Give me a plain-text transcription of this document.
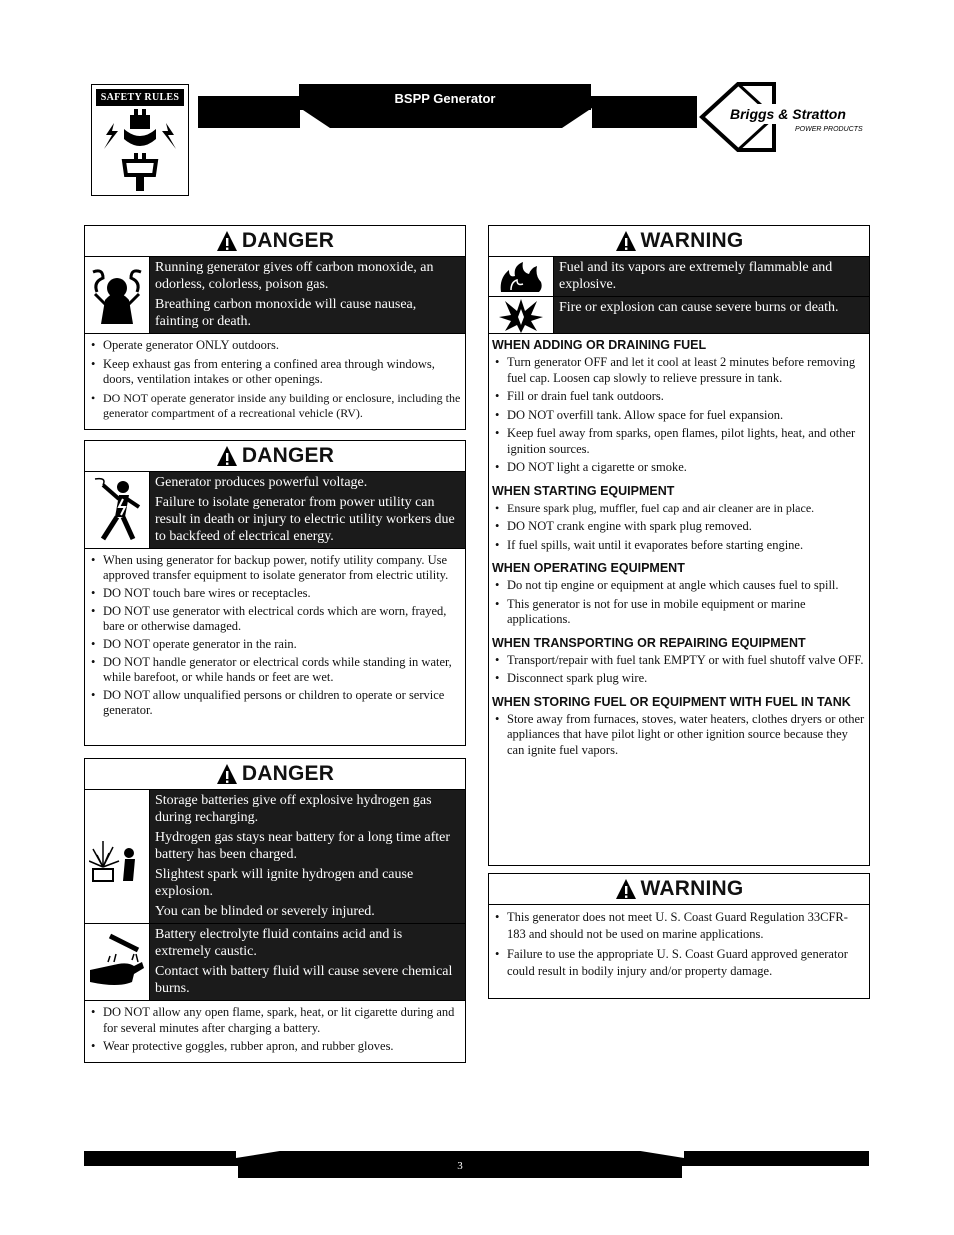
SAFETY RULES	BSPP Generator
Briggs & Stratton
POWER PRODUCTS
DANGER

Running generator gives off carbon monoxide, an odorless, colorless, poison gas.

Breathing carbon monoxide will cause nausea, fainting or death.

• Operate generator ONLY outdoors.
• Keep exhaust gas from entering a confined area through windows, doors, ventilation intakes or other openings.
• DO NOT operate generator inside any building or enclosure, including the generator compartment of a recreational vehicle (RV).
DANGER

Generator produces powerful voltage.

Failure to isolate generator from power utility can result in death or injury to electric utility workers due to backfeed of electrical energy.

• When using generator for backup power, notify utility company. Use approved transfer equipment to isolate generator from electric utility.
• DO NOT touch bare wires or receptacles.
• DO NOT use generator with electrical cords which are worn, frayed, bare or otherwise damaged.
• DO NOT operate generator in the rain.
• DO NOT handle generator or electrical cords while standing in water, while barefoot, or while hands or feet are wet.
• DO NOT allow unqualified persons or children to operate or service generator.
DANGER

Storage batteries give off explosive hydrogen gas during recharging.

Hydrogen gas stays near battery for a long time after battery has been charged.

Slightest spark will ignite hydrogen and cause explosion.

You can be blinded or severely injured.

Battery electrolyte fluid contains acid and is extremely caustic.

Contact with battery fluid will cause severe chemical burns.

• DO NOT allow any open flame, spark, heat, or lit cigarette during and for several minutes after charging a battery.
• Wear protective goggles, rubber apron, and rubber gloves.
WARNING
Fuel and its vapors are extremely flammable and explosive.
Fire or explosion can cause severe burns or death.
WHEN ADDING OR DRAINING FUEL
• Turn generator OFF and let it cool at least 2 minutes before removing fuel cap. Loosen cap slowly to relieve pressure in tank.
• Fill or drain fuel tank outdoors.
• DO NOT overfill tank. Allow space for fuel expansion.
• Keep fuel away from sparks, open flames, pilot lights, heat, and other ignition sources.
• DO NOT light a cigarette or smoke.
WHEN STARTING EQUIPMENT
• Ensure spark plug, muffler, fuel cap and air cleaner are in place.
• DO NOT crank engine with spark plug removed.
• If fuel spills, wait until it evaporates before starting engine.
WHEN OPERATING EQUIPMENT
• Do not tip engine or equipment at angle which causes fuel to spill.
• This generator is not for use in mobile equipment or marine applications.
WHEN TRANSPORTING OR REPAIRING EQUIPMENT
• Transport/repair with fuel tank EMPTY or with fuel shutoff valve OFF.
• Disconnect spark plug wire.
WHEN STORING FUEL OR EQUIPMENT WITH FUEL IN TANK
• Store away from furnaces, stoves, water heaters, clothes dryers or other appliances that have pilot light or other ignition source because they can ignite fuel vapors.
WARNING
• This generator does not meet U. S. Coast Guard Regulation 33CFR-183 and should not be used on marine applications.
• Failure to use the appropriate U. S. Coast Guard approved generator could result in bodily injury and/or property damage.
3
